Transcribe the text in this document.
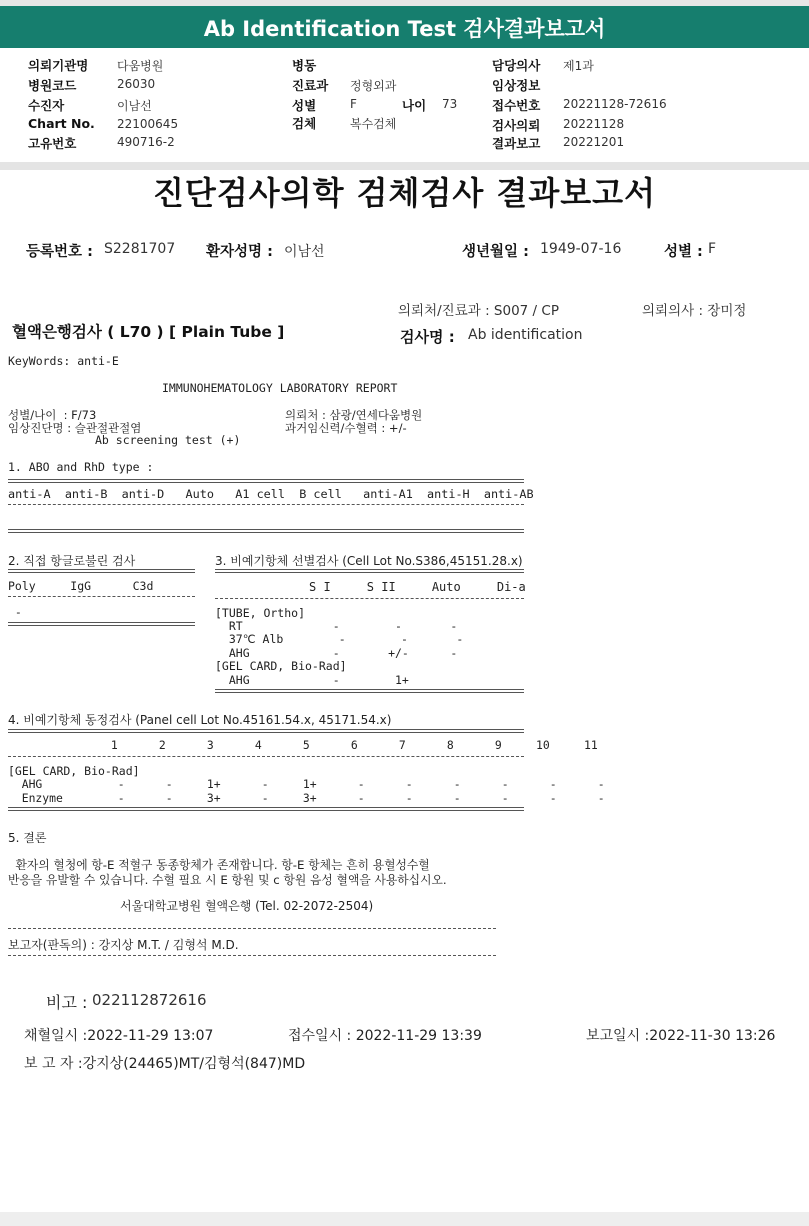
Ab Identification Test 검사결과보고서
의뢰기관명 다움병원
병원코드	26030
수진자	이남선
Chart No. 22100645
고유번호	490716-2
병동
진료과 정형외과
성별	F	나이 73
검체	복수검체
담당의사 제1과
임상정보
접수번호 20221128-72616
검사의뢰 20221128
결과보고 20221201
진단검사의학 검체검사 결과보고서
등록번호 : S2281707 환자성명 : 이남선	생년월일 : 1949-07-16	성별 : F
의뢰처/진료과 : S007 / CP	의뢰의사 : 장미정
혈액은행검사 ( L70 ) [ Plain Tube ]	검사명 : Ab identification
KeyWords: anti-E
IMMUNOHEMATOLOGY LABORATORY REPORT
성별/나이  : F/73	의뢰처 : 삼광/연세다움병원
임상진단명 : 슬관절관절염	과거임신력/수혈력 : +/-
Ab screening test (+)
1. ABO and RhD type :
anti-A  anti-B  anti-D   Auto   A1 cell  B cell   anti-A1  anti-H  anti-AB
2. 직접 항글로불린 검사
Poly     IgG      C3d
-
3. 비예기항체 선별검사 (Cell Lot No.S386,45151.28.x)
S I     S II     Auto     Di-a
[TUBE, Ortho]
RT             -        -       -
37℃ Alb        -        -       -
AHG            -       +/-      -
[GEL CARD, Bio-Rad]
AHG            -        1+
4. 비예기항체 동정검사 (Panel cell Lot No.45161.54.x, 45171.54.x)
1      2      3      4      5      6      7      8      9     10     11
[GEL CARD, Bio-Rad]
AHG           -      -     1+      -     1+      -      -      -      -      -      -
Enzyme        -      -     3+      -     3+      -      -      -      -      -      -
5. 결론
환자의 혈청에 항-E 적혈구 동종항체가 존재합니다. 항-E 항체는 흔히 용혈성수혈
반응을 유발할 수 있습니다. 수혈 필요 시 E 항원 및 c 항원 음성 혈액을 사용하십시오.
서울대학교병원 혈액은행 (Tel. 02-2072-2504)
보고자(판독의) : 강지상 M.T. / 김형석 M.D.
비고 : 022112872616
채혈일시 :2022-11-29 13:07	접수일시 : 2022-11-29 13:39	보고일시 :2022-11-30 13:26
보 고 자 :강지상(24465)MT/김형석(847)MD
